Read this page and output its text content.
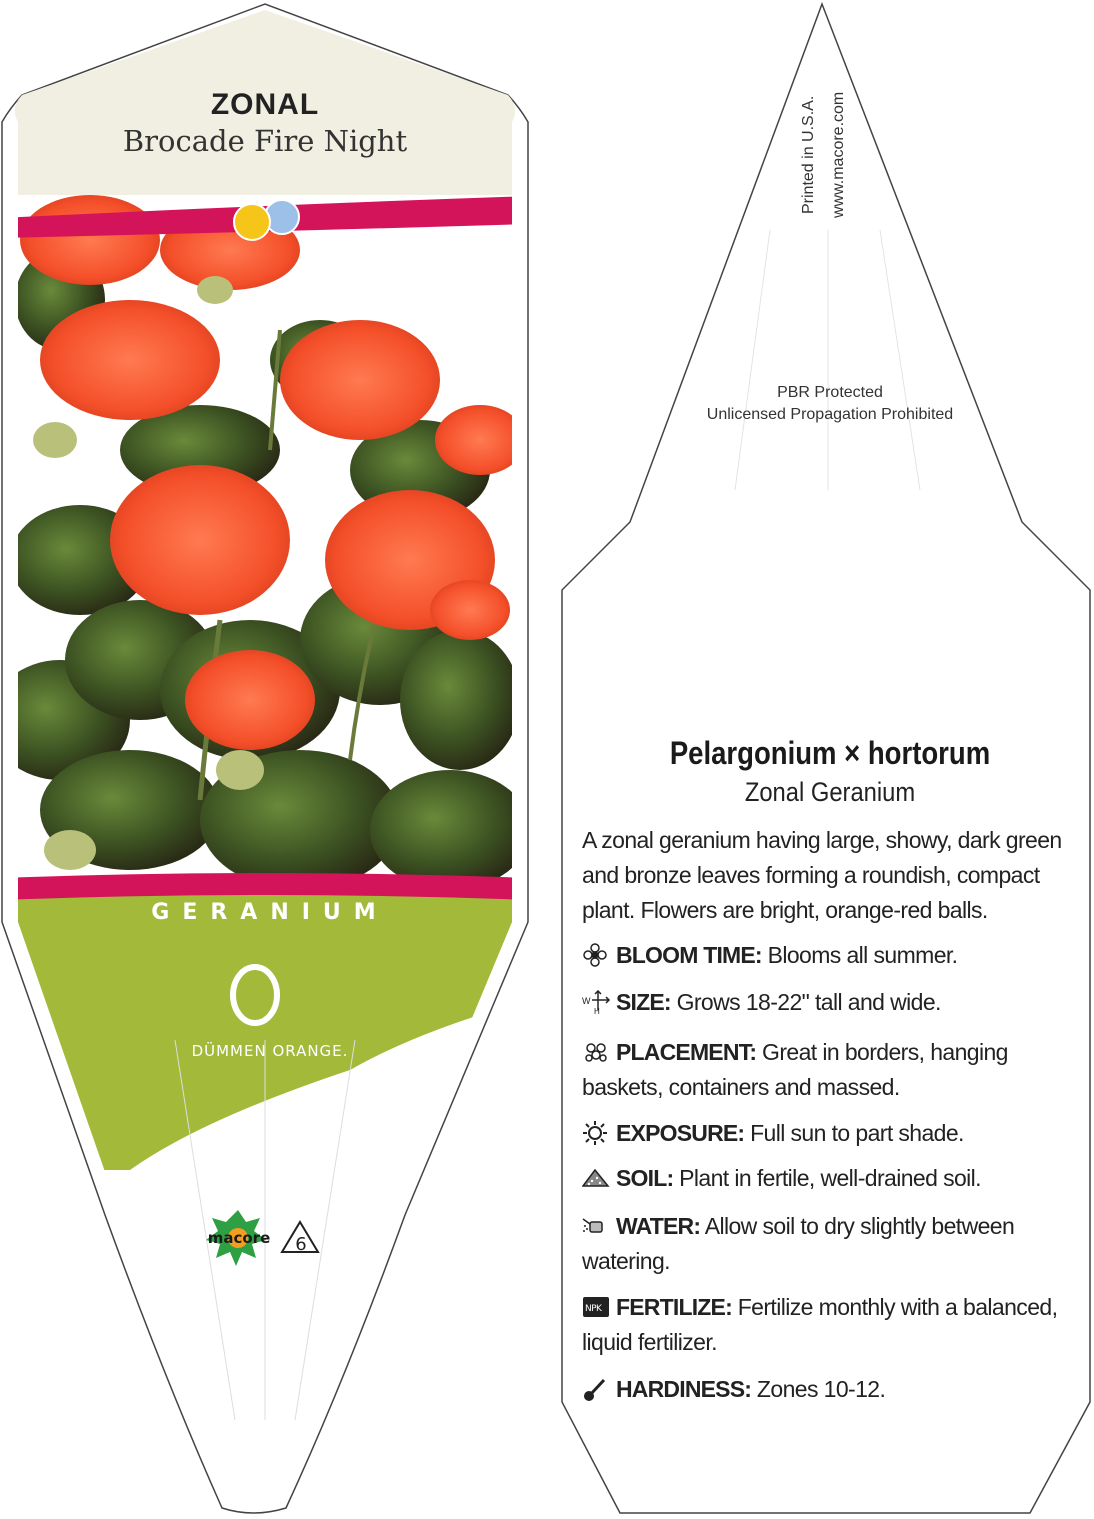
ZONAL
Brocade Fire Night
GERANIUM
DÜMMEN ORANGE.
macore 6
Printed in U.S.A. www.macore.com
PBR Protected
Unlicensed Propagation Prohibited
Pelargonium × hortorum
Zonal Geranium
A zonal geranium having large, showy, dark green and bronze leaves forming a roundish, compact plant. Flowers are bright, orange-red balls.
BLOOM TIME: Blooms all summer.
W
H SIZE: Grows 18-22" tall and wide.
PLACEMENT: Great in borders, hanging baskets, containers and massed.
EXPOSURE: Full sun to part shade.
SOIL: Plant in fertile, well-drained soil.
WATER: Allow soil to dry slightly between watering.
NPK FERTILIZE: Fertilize monthly with a balanced, liquid fertilizer.
HARDINESS: Zones 10-12.
